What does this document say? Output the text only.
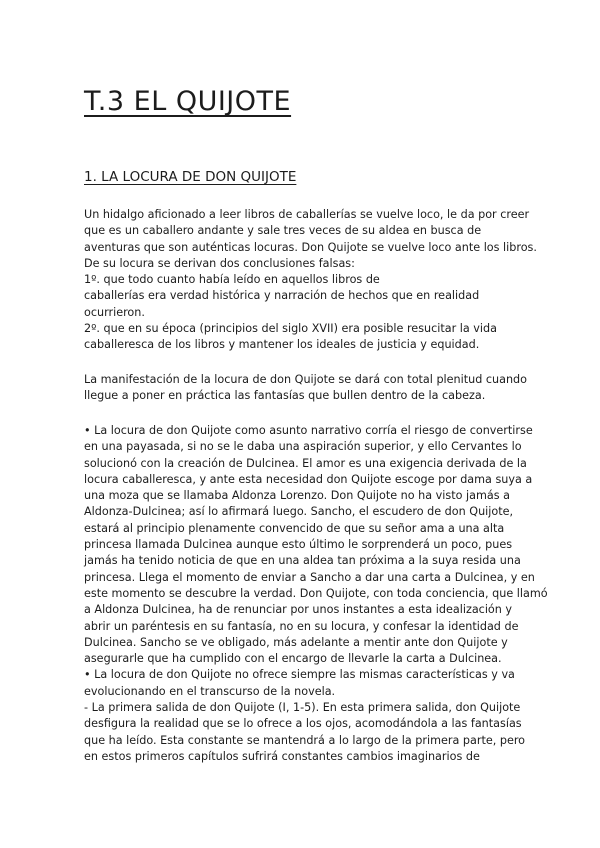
T.3 EL QUIJOTE
1. LA LOCURA DE DON QUIJOTE
Un hidalgo aficionado a leer libros de caballerías se vuelve loco, le da por creer
que es un caballero andante y sale tres veces de su aldea en busca de
aventuras que son auténticas locuras. Don Quijote se vuelve loco ante los libros.
De su locura se derivan dos conclusiones falsas:
1º. que todo cuanto había leído en aquellos libros de
caballerías era verdad histórica y narración de hechos que en realidad
ocurrieron.
2º. que en su época (principios del siglo XVII) era posible resucitar la vida
caballeresca de los libros y mantener los ideales de justicia y equidad.
La manifestación de la locura de don Quijote se dará con total plenitud cuando
llegue a poner en práctica las fantasías que bullen dentro de la cabeza.
• La locura de don Quijote como asunto narrativo corría el riesgo de convertirse
en una payasada, si no se le daba una aspiración superior, y ello Cervantes lo
solucionó con la creación de Dulcinea. El amor es una exigencia derivada de la
locura caballeresca, y ante esta necesidad don Quijote escoge por dama suya a
una moza que se llamaba Aldonza Lorenzo. Don Quijote no ha visto jamás a
Aldonza-Dulcinea; así lo afirmará luego. Sancho, el escudero de don Quijote,
estará al principio plenamente convencido de que su señor ama a una alta
princesa llamada Dulcinea aunque esto último le sorprenderá un poco, pues
jamás ha tenido noticia de que en una aldea tan próxima a la suya resida una
princesa. Llega el momento de enviar a Sancho a dar una carta a Dulcinea, y en
este momento se descubre la verdad. Don Quijote, con toda conciencia, que llamó
a Aldonza Dulcinea, ha de renunciar por unos instantes a esta idealización y
abrir un paréntesis en su fantasía, no en su locura, y confesar la identidad de
Dulcinea. Sancho se ve obligado, más adelante a mentir ante don Quijote y
asegurarle que ha cumplido con el encargo de llevarle la carta a Dulcinea.
• La locura de don Quijote no ofrece siempre las mismas características y va
evolucionando en el transcurso de la novela.
- La primera salida de don Quijote (I, 1-5). En esta primera salida, don Quijote
desfigura la realidad que se lo ofrece a los ojos, acomodándola a las fantasías
que ha leído. Esta constante se mantendrá a lo largo de la primera parte, pero
en estos primeros capítulos sufrirá constantes cambios imaginarios de
